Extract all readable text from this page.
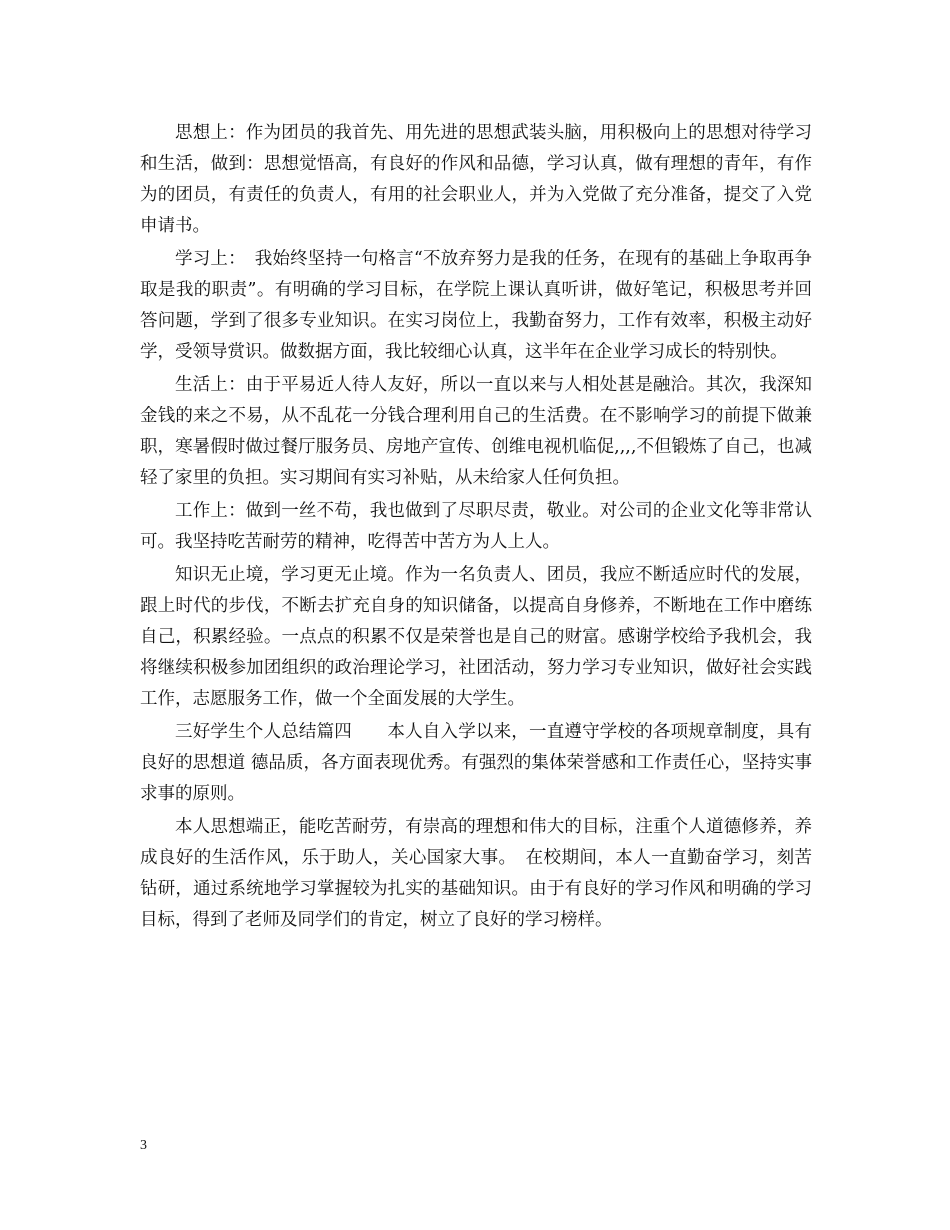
思想上：作为团员的我首先、用先进的思想武装头脑，用积极向上的思想对待学习和生活，做到：思想觉悟高，有良好的作风和品德，学习认真，做有理想的青年，有作为的团员，有责任的负责人，有用的社会职业人，并为入党做了充分准备，提交了入党申请书。

学习上：　我始终坚持一句格言“不放弃努力是我的任务，在现有的基础上争取再争取是我的职责”。有明确的学习目标，在学院上课认真听讲，做好笔记，积极思考并回答问题，学到了很多专业知识。在实习岗位上，我勤奋努力，工作有效率，积极主动好学，受领导赏识。做数据方面，我比较细心认真，这半年在企业学习成长的特别快。

生活上：由于平易近人待人友好，所以一直以来与人相处甚是融洽。其次，我深知金钱的来之不易，从不乱花一分钱合理利用自己的生活费。在不影响学习的前提下做兼职，寒暑假时做过餐厅服务员、房地产宣传、创维电视机临促,,,,不但锻炼了自己，也减轻了家里的负担。实习期间有实习补贴，从未给家人任何负担。

工作上：做到一丝不苟，我也做到了尽职尽责，敬业。对公司的企业文化等非常认可。我坚持吃苦耐劳的精神，吃得苦中苦方为人上人。

知识无止境，学习更无止境。作为一名负责人、团员，我应不断适应时代的发展，跟上时代的步伐，不断去扩充自身的知识储备，以提高自身修养，不断地在工作中磨练自己，积累经验。一点点的积累不仅是荣誉也是自己的财富。感谢学校给予我机会，我将继续积极参加团组织的政治理论学习，社团活动，努力学习专业知识，做好社会实践工作，志愿服务工作，做一个全面发展的大学生。

三好学生个人总结篇四　　本人自入学以来，一直遵守学校的各项规章制度，具有良好的思想道 德品质，各方面表现优秀。有强烈的集体荣誉感和工作责任心，坚持实事求事的原则。

本人思想端正，能吃苦耐劳，有崇高的理想和伟大的目标，注重个人道德修养，养成良好的生活作风，乐于助人，关心国家大事。　在校期间，本人一直勤奋学习，刻苦钻研，通过系统地学习掌握较为扎实的基础知识。由于有良好的学习作风和明确的学习目标，得到了老师及同学们的肯定，树立了良好的学习榜样。

3
